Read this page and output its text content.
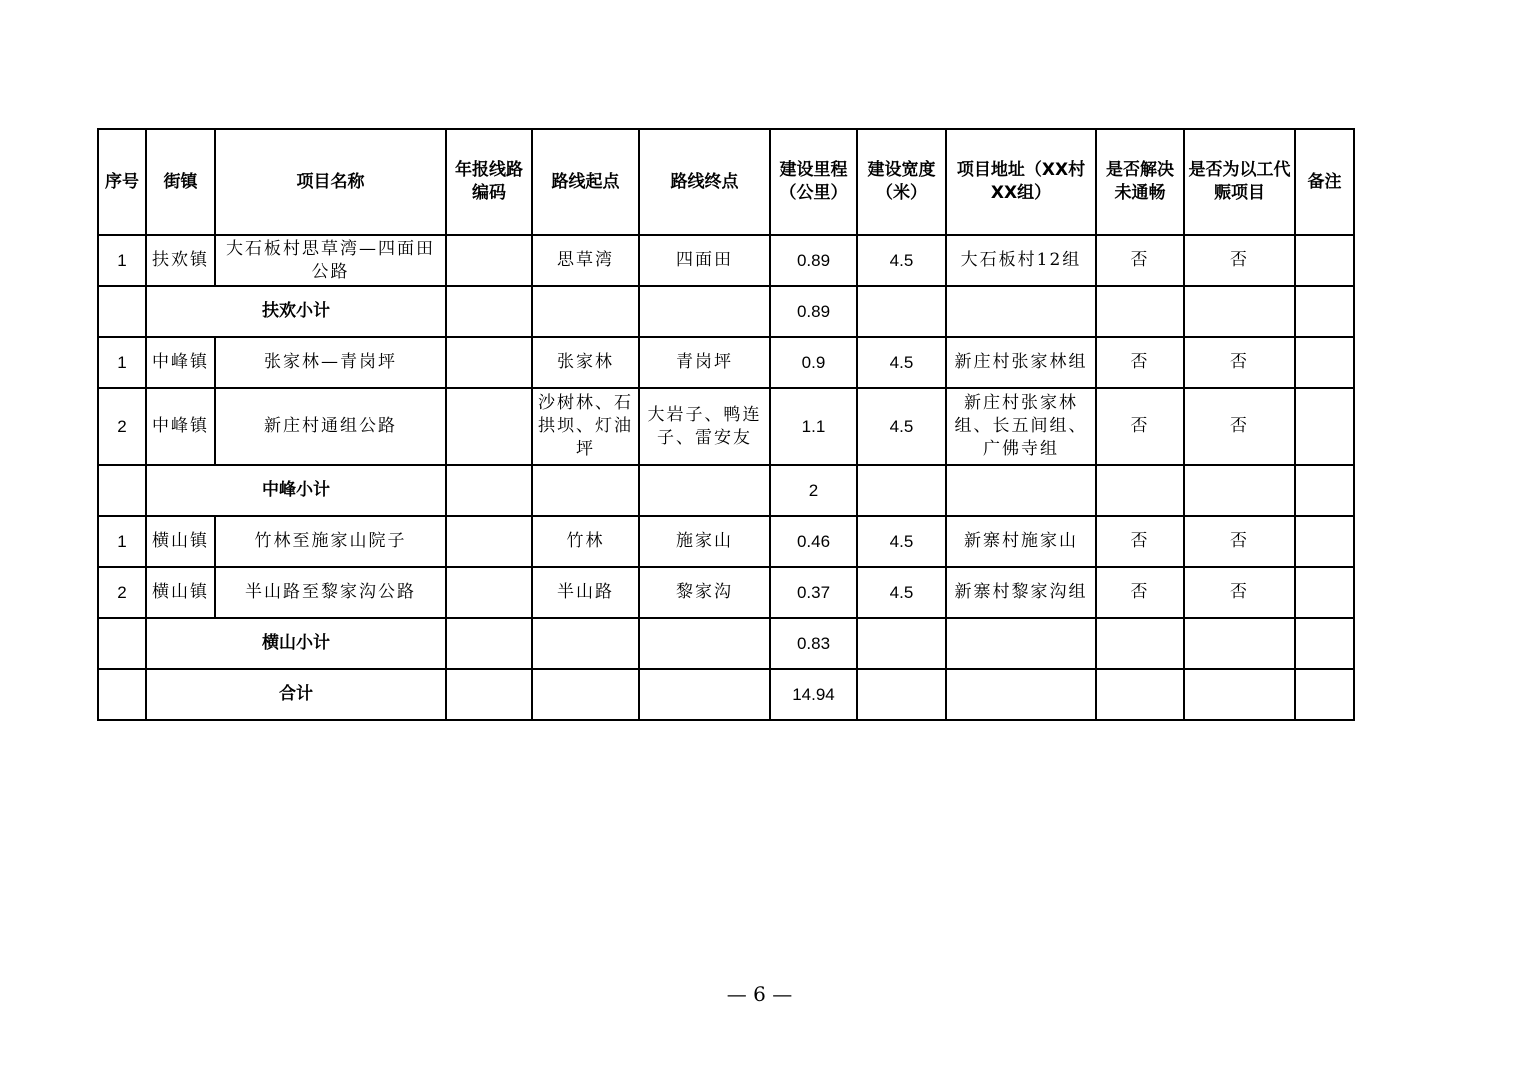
序号	街镇	项目名称	年报线路编码	路线起点	路线终点	建设里程（公里）	建设宽度（米）	项目地址（XX村XX组）	是否解决未通畅	是否为以工代赈项目	备注
1	扶欢镇	大石板村思草湾—四面田公路		思草湾	四面田	0.89	4.5	大石板村12组	否	否	
	扶欢小计					0.89					
1	中峰镇	张家林—青岗坪		张家林	青岗坪	0.9	4.5	新庄村张家林组	否	否	
2	中峰镇	新庄村通组公路		沙树林、石拱坝、灯油坪	大岩子、鸭连子、雷安友	1.1	4.5	新庄村张家林组、长五间组、广佛寺组	否	否	
	中峰小计					2					
1	横山镇	竹林至施家山院子		竹林	施家山	0.46	4.5	新寨村施家山	否	否	
2	横山镇	半山路至黎家沟公路		半山路	黎家沟	0.37	4.5	新寨村黎家沟组	否	否	
	横山小计					0.83					
	合计					14.94					
— 6 —
